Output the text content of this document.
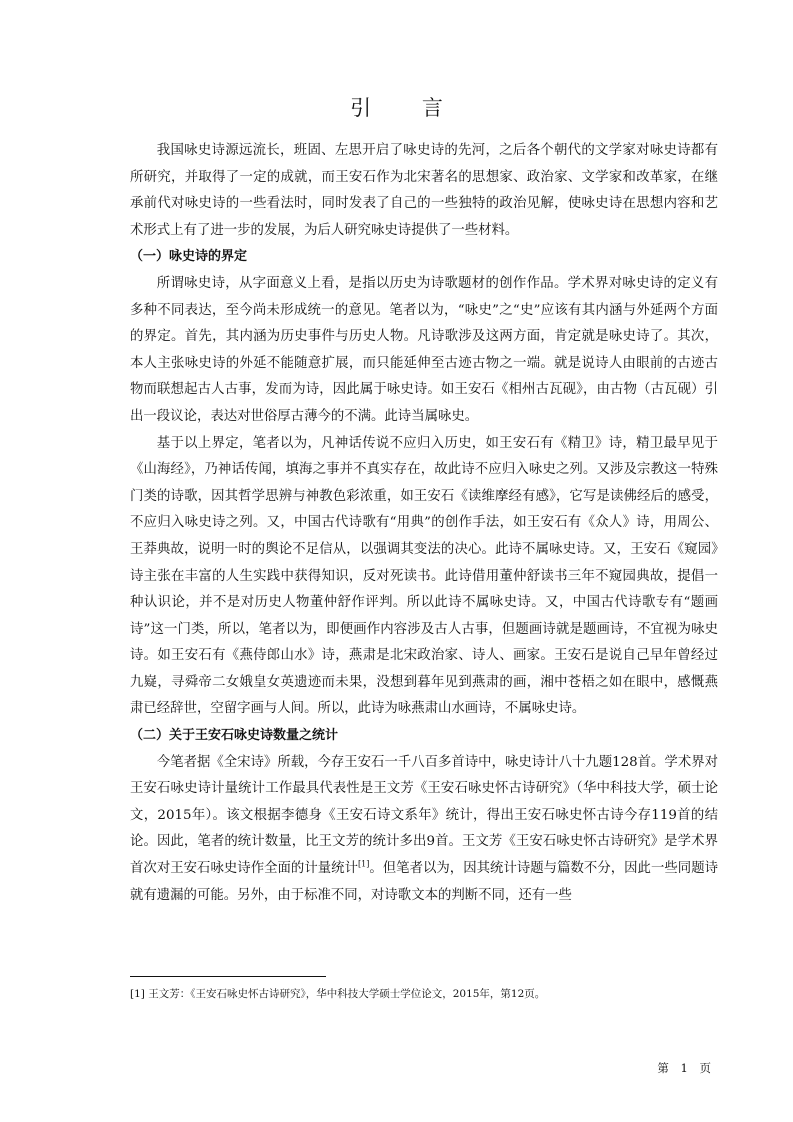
引 言

我国咏史诗源远流长，班固、左思开启了咏史诗的先河，之后各个朝代的文学家对咏史诗都有所研究，并取得了一定的成就，而王安石作为北宋著名的思想家、政治家、文学家和改革家，在继承前代对咏史诗的一些看法时，同时发表了自己的一些独特的政治见解，使咏史诗在思想内容和艺术形式上有了进一步的发展，为后人研究咏史诗提供了一些材料。

（一）咏史诗的界定

所谓咏史诗，从字面意义上看，是指以历史为诗歌题材的创作作品。学术界对咏史诗的定义有多种不同表达，至今尚未形成统一的意见。笔者以为，“咏史”之“史”应该有其内涵与外延两个方面的界定。首先，其内涵为历史事件与历史人物。凡诗歌涉及这两方面，肯定就是咏史诗了。其次，本人主张咏史诗的外延不能随意扩展，而只能延伸至古迹古物之一端。就是说诗人由眼前的古迹古物而联想起古人古事，发而为诗，因此属于咏史诗。如王安石《相州古瓦砚》，由古物（古瓦砚）引出一段议论，表达对世俗厚古薄今的不满。此诗当属咏史。

基于以上界定，笔者以为，凡神话传说不应归入历史，如王安石有《精卫》诗，精卫最早见于《山海经》，乃神话传闻，填海之事并不真实存在，故此诗不应归入咏史之列。又涉及宗教这一特殊门类的诗歌，因其哲学思辨与神教色彩浓重，如王安石《读维摩经有感》，它写是读佛经后的感受，不应归入咏史诗之列。又，中国古代诗歌有“用典”的创作手法，如王安石有《众人》诗，用周公、王莽典故，说明一时的舆论不足信从，以强调其变法的决心。此诗不属咏史诗。又，王安石《窥园》诗主张在丰富的人生实践中获得知识，反对死读书。此诗借用董仲舒读书三年不窥园典故，提倡一种认识论，并不是对历史人物董仲舒作评判。所以此诗不属咏史诗。又，中国古代诗歌专有“题画诗”这一门类，所以，笔者以为，即便画作内容涉及古人古事，但题画诗就是题画诗，不宜视为咏史诗。如王安石有《燕侍郎山水》诗，燕肃是北宋政治家、诗人、画家。王安石是说自己早年曾经过九嶷，寻舜帝二女娥皇女英遗迹而未果，没想到暮年见到燕肃的画，湘中苍梧之如在眼中，感慨燕肃已经辞世，空留字画与人间。所以，此诗为咏燕肃山水画诗，不属咏史诗。

（二）关于王安石咏史诗数量之统计

今笔者据《全宋诗》所载，今存王安石一千八百多首诗中，咏史诗计八十九题128首。学术界对王安石咏史诗计量统计工作最具代表性是王文芳《王安石咏史怀古诗研究》（华中科技大学，硕士论文，2015年）。该文根据李德身《王安石诗文系年》统计，得出王安石咏史怀古诗今存119首的结论。因此，笔者的统计数量，比王文芳的统计多出9首。王文芳《王安石咏史怀古诗研究》是学术界首次对王安石咏史诗作全面的计量统计[1]。但笔者以为，因其统计诗题与篇数不分，因此一些同题诗就有遗漏的可能。另外，由于标准不同，对诗歌文本的判断不同，还有一些

[1] 王文芳：《王安石咏史怀古诗研究》，华中科技大学硕士学位论文，2015年，第12页。
第 1 页
